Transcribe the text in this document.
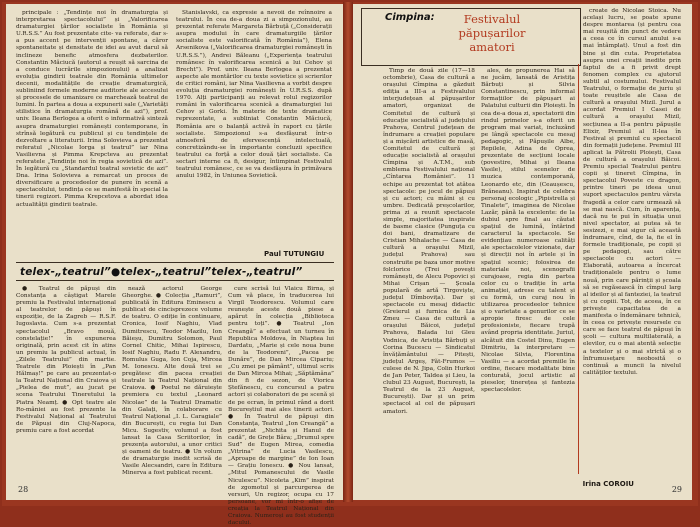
principale : „Tendințe noi în dramaturgia și interpretarea spectacolului” și „Valorificarea dramaturgiei țărilor socialiste în România și U.R.S.S.” Au fost prezentate cite- va referate, dar s-a pus accent pe intervenții spontane, a căror spontaneitate și densitate de idei au avut darul să inclineze benefic atmosfera dezbaterilor. Constantin Măciucă (autorul a reușit să sarcina de a conduce lucrările simpozionului) a analizat evoluția gindirii teatrale din România ultimelor decenii, modalitățile de creație dramaturgică, subliniind formele moderne auditorie ale accesului și procesele de umanizare ce marchează teatrul de lumini. În partea a doua a expunerii sale („Varietăți stilistice în dramaturgia română de azi”), prof. univ. Ileana Berlogea a oferit o informativă sinteză asupra dramaturgiei românești contemporane, în strînsă legătură cu publicul și cu tendințele de dezvoltare a literaturii. Irina Solovieva a prezentat referatul „Nicolae Iorga și teatrul” iar Nina Vasilievna și Pimma Krepcteva au prezentat referatele „Tendințe noi în regia sovietică de azi”. În legătură cu „Standardul teatral sovietic de azi” Dna. Irina Solovieva a remarcat un proces de diversificare a procedeelor de punere în scenă a spectacolului, tendința ce se manifestă în special la tinerii regizori. Pimma Krepcetova a abordat idea actualității gindirii teatrale.

Stanislavski, ca expresie a nevoii de reînnoire a teatrului. În cea de-a doua zi a simpozionului, au prezentat referate Margareta Bărbuță („Considerații asupra modului în care dramaturgiile țărilor socialiste este valorificată în România”), Elena Arsenikova („Valorificarea dramaturgiei românești în U.R.S.S.”), Andrei Băleanu („Experiența teatrului românesc în valorificarea scenică a lui Cehov și Brecht”). Prof. univ. Ileana Berlogea a prezentat aspecte ale montărilor cu texte sovietice și scrierilor de critici români, iar Nina Vasilievna a vorbit despre evoluția dramaturgiei românești în U.R.S.S. după 1970. Alți participanți au relevat rolul regizorilor români în valorificarea scenică a dramaturgiei lui Cehov și Gorki. În materie de texte dramatice reprezentate, a subliniat Constantin Măciucă, România are o balanță activă în raport cu țările socialiste. Simpozionul s-a desfășurat într-o atmosferă de efervescență intelectuală, concretizându-se în importante concluzii specifice teatrului ca forță a celor două țări socialiste. Ca sectari interne ca fi, desigur, întimpinat Festivalul teatrului românesc, ce se va desfășura în primăvara anului 1982, în Uniunea Sovietică.

Paul TUTUNGIU
telex-„teatrul”●telex-„teatrul”telex-„teatrul”

● Teatrul de păpuși din Constanța a câștigat Marele premiu la Festivalul internațional al teatrelor de păpuși în expoziție, de la Zagreb — R.S.F. Iugoslavia. Cum s-a prezentat spectacolul „Bravo mouă, constelație!” în expunerea originală, prin acest cit în atins un premiu la publicul actual, în „Zilele Teatrului” din martie. Teatrele din Ploiești în „Pan Hălmaș!” pe care au prezentat-o la Teatrul Național din Craiova și „Pielea de mut”, au jucat pe scena Teatrului Tineretului la Piatra Neamț. ● Opt teatre ale Ro-mâniei au fost prezente la Festivalul Național al Teatrului de Păpuși din Cluj-Napoca, premiu care a fost acordat

nează actorul George Gheorghe. ● Colecția „Ramuri”, publicată în Editura Eminescu a publicat de cincisprezece volume de teatru. O ediție în continuare, Cronica, Iosif Naghiu, Vlad Dumitrescu, Teodor Mazilu, Ion Băieșu, Dumitru Solomon, Paul Cornel Chitic, Mihai Ispirescu, Iosif Naghiu, Radu F. Alexandru, Romulus Guga, Ion Coja, Mircea M. Ionescu. Alte două trei se pregătesc din pacea creației teatrale la Teatrul Național din Craiova. ● Poetul ne dăruiește premiera cu textul „Leonard Nicolae” de la Teatrul Dramatic din Galați, în colaborare cu Teatrul Național „I. L. Caragiale” din București, cu regia lui Dan Micu. Sugestiv, volumul a fost lansat la Casa Scriitorilor, în prezența autorului, a unor critici și oameni de teatru. ● Un volum de dramaturgie inedit scrisă de Vasile Alecsandri, care în Editura Minerva a fost publicat recent.

cure scrisă lui Vlaicu Birna, și Cum vă place, în traducerea lui Virgil Teodorescu. Volumul care reunește aceste două piese a apărut în colecția „Biblioteca pentru toți”. ● Teatrul „Ion Creangă” a efectuat un turneu în Republica Moldova, în Niaptea lui Dardatu, „Marie și cele noua bune de la Teodoreni”, „Pacea pe Dunăre”, de Dan Mircea Cipariu; „Cu zmei pe pământ”, ultimul scris de Dan Mircea Mihai; „Săptămâna” din fi de sezon, de Viorica Ștefănescu, cu concursul a patru actori și colaboratori de pe scenă și de pe ecran, în primul rând a dorit Bucureștiul mai ales tinerii actori. ● În Teatrul de păpuși din Constanța, Teatrul „Ion Creangă” a prezentat „Nichita și Hanul de cadă”, de Grețe Bâra; „Drumul spre Sud” de Eugen Mirea, comedia „Vitrina” de Lucia Vasilescu, „Aproape de margine” de Ion Ioan — Grațiu Ionescu. ● Nou lansat, „Mitul Pomanescului de Vasile Niculescu”. Nicoleta „Kim” inspirat de zgomotul și parcurgerea de versuri, Un regizor, ocupa cu 17 persoane, vor mi într-o afișe de creația la Teatrul Național din Craiova. Numeroși au fost studenții dacului.

28
Cimpina:	Festivalul
păpușarilor amatori

Timp de două zile (17—18 octombrie), Casa de cultură a orașului Cîmpina a găzduit ediția a III-a a Festivalului interjudețean al păpușarilor amatori, organizat de Comitetul de cultură și educație socialistă al județului Prahova, Centrul județean de îndrumare a creației populare și a mișcării artistice de masă, Comitetul de cultură și educație socialistă al orașului Cîmpina și A.T.M., sub emblema Festivalului național „Cîntarea României”. 11 echipe au prezentat tot atâtea spectacole: pe jocul de păpuși și cu actori; cu mâini și cu umbre. Dedicată preșcolarilor, prima zi a reunit spectacole simple, majoritatea inspirate de basme clasice (Punguța cu doi bani, dramatizare de Cristian Mihalache — Casa de cultură a orașului Mizil, județul Prahova) sau construite pe baza unor motive folclorice (Trei povești românești, de Alecu Popovici și Mihai Crișan — Școala populară de artă Tirgoviște, județul Dîmbovița). Dar și spectacole cu mesaj didactic (Greierul și furnica de Lia Zmeu — Casa de cultură a orașului Băicoi, județul Prahova, Balada lui Gleu Vodnica, de Aristița Bărbuți și Corina Bucescu — Sindicatul învățământului — Pitești, județul Argeș, Făt-Frumos — culese de N. Jipa, Colin Hurkoi de Jan Peter, Taldea și Lieu, la clubul 23 August, București, la Teatrul de la 23 August, București). Dar și un prim spectacol al cel de păpușari amatori.

ales, de propunerea Hai să ne jucăm, lansată de Aristița Bărbuți și Silvia Constantinescu, prin informal formațiilor de păpușari ai Palatului culturii din Ploiești. În cea de-a doua zi, spectatorii din rindul primelor s-a oferit un program mai variat, incluzând pe lângă spectacole cu mesaj pedagogic, și Păpușile Albe, Repilele, Adina de Oprea, prezentate de secțiuni locale (povestire, Mihai și Ileana Vasile), stilul scenelor de muzica contemporană, Leonardo etc, din (Ceaușescu, Brăneanu). Inspirat de celebra personaj ecologic „Pipistrella și Tinalete”, imaginea de Nicolae Lazăr, până la excelente: de la dubiul spre final au căutat spațiul de lumină, întărind caracterul la spectacole. Se evidențiau numeroase calități ale spectacolelor vizionate, dar și direcții noi în artele și în spațiul scenic; folosirea de materiale noi, scenografii curajoase, regia din partea celor cu o tradiție în arta animației, adrese cu talent și cu formă, un curaj nou în utilizarea procedeelor tehnice și o varietate a genurilor ce se apropie firesc de cele profesioniste, fiecare trupă având propria identitate. Juriul, alcătuit din Costel Dinu, Eugen Dimitriu, la interpretare — Nicolae Silvia, Florentina Vasiliu — a acordat premiile în ordine, fiecare modalitate bine conturată, jocul artistic al pieselor, tinerețea și fantezia spectacolelor.

create de Nicolae Stoica. Nu același lucru, se poate spune despre montarea (și pentru cea mai reușită din punct de vedere a ceea ce în cursul anului s-a mai întâmplat). Unul a fost din bine și din cuta. Proprietatea asupra unei creații inedite prin faptul de a fi privit drept fenomen complex cu ajutorul subtil al costumului. Festivalul Teatrului, o formație de juriu și toate reușitele ale Casa de cultură a orașului Mizil. Jurul a acordat Premiul I Casei de cultură a orașului Mizil, secțiunea a II-a pentru păpușile Elixir, Premiul al II-lea în Festival și premiul cu spectacol din formații județene. Premiul III aplicat la Pătrolii Ploiești, Casa de cultură a orașului Băicoi. Premiu special Teatrului pentru copii și tineret Cîmpina, în spectacolul Poveste cu dragon, printre tineri pe ideea unui suport spectaculos pentru vârsta fragedă a celor care urmează să se mai nască. Cum, în aparența, dacă nu te pui în situația unui nivel spectator, ai putea să te sesizezi, e mai sigur că această îndrumare, cînd, de la, fie el în formele tradiționale, pe copii și pe pedagogi, sau către spectacole cu actori — Elaborată, autoarea a încercat tradiționalele pentru o lume nouă, prin care părinții și școala să se regăsească în cîmpul larg al ideilor și al fanteziei, la teatrul și cu copiii. Tot, de aceea, în ce privește capacitatea de a manifesta o îndemânare tehnică, în ceea ce privește resursele cu care se face teatrul de păpuși în școli — cultura multilaterală, a elevilor, cu o mai atentă selecție a textelor și o mai strictă și o înfrumusețare neobosită o continuă a muncii la nivelul calităților textului.

Irina COROIU
29
